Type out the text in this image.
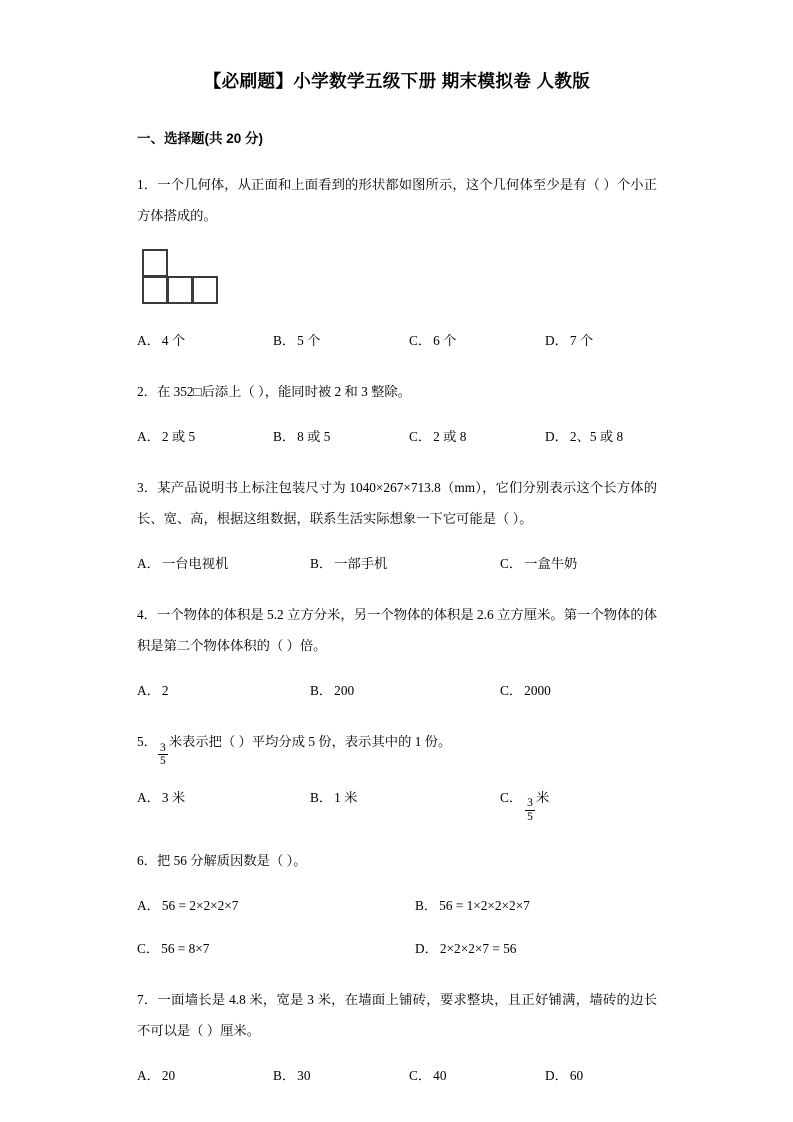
【必刷题】小学数学五级下册 期末模拟卷 人教版
一、选择题(共 20 分)
1．一个几何体，从正面和上面看到的形状都如图所示，这个几何体至少是有（ ）个小正方体搭成的。
A． 4 个	B． 5 个	C． 6 个	D． 7 个
2．在 352□后添上（ ），能同时被 2 和 3 整除。
A． 2 或 5	B． 8 或 5	C． 2 或 8	D． 2、5 或 8
3．某产品说明书上标注包装尺寸为 1040×267×713.8（mm），它们分别表示这个长方体的长、宽、高，根据这组数据，联系生活实际想象一下它可能是（ ）。
A． 一台电视机	B． 一部手机	C． 一盒牛奶
4．一个物体的体积是 5.2 立方分米，另一个物体的体积是 2.6 立方厘米。第一个物体的体积是第二个物体体积的（ ）倍。
A． 2	B． 200	C． 2000
5．
$\frac{3}{5}$
米表示把（ ）平均分成 5 份，表示其中的 1 份。
A． 3 米	B． 1 米	C．
$\frac{3}{5}$
米
6．把 56 分解质因数是（ ）。
A． 56 = 2×2×2×7	B． 56 = 1×2×2×2×7
C． 56 = 8×7	D． 2×2×2×7 = 56
7．一面墙长是 4.8 米，宽是 3 米，在墙面上铺砖，要求整块，且正好铺满，墙砖的边长不可以是（ ）厘米。
A． 20	B． 30	C． 40	D． 60
